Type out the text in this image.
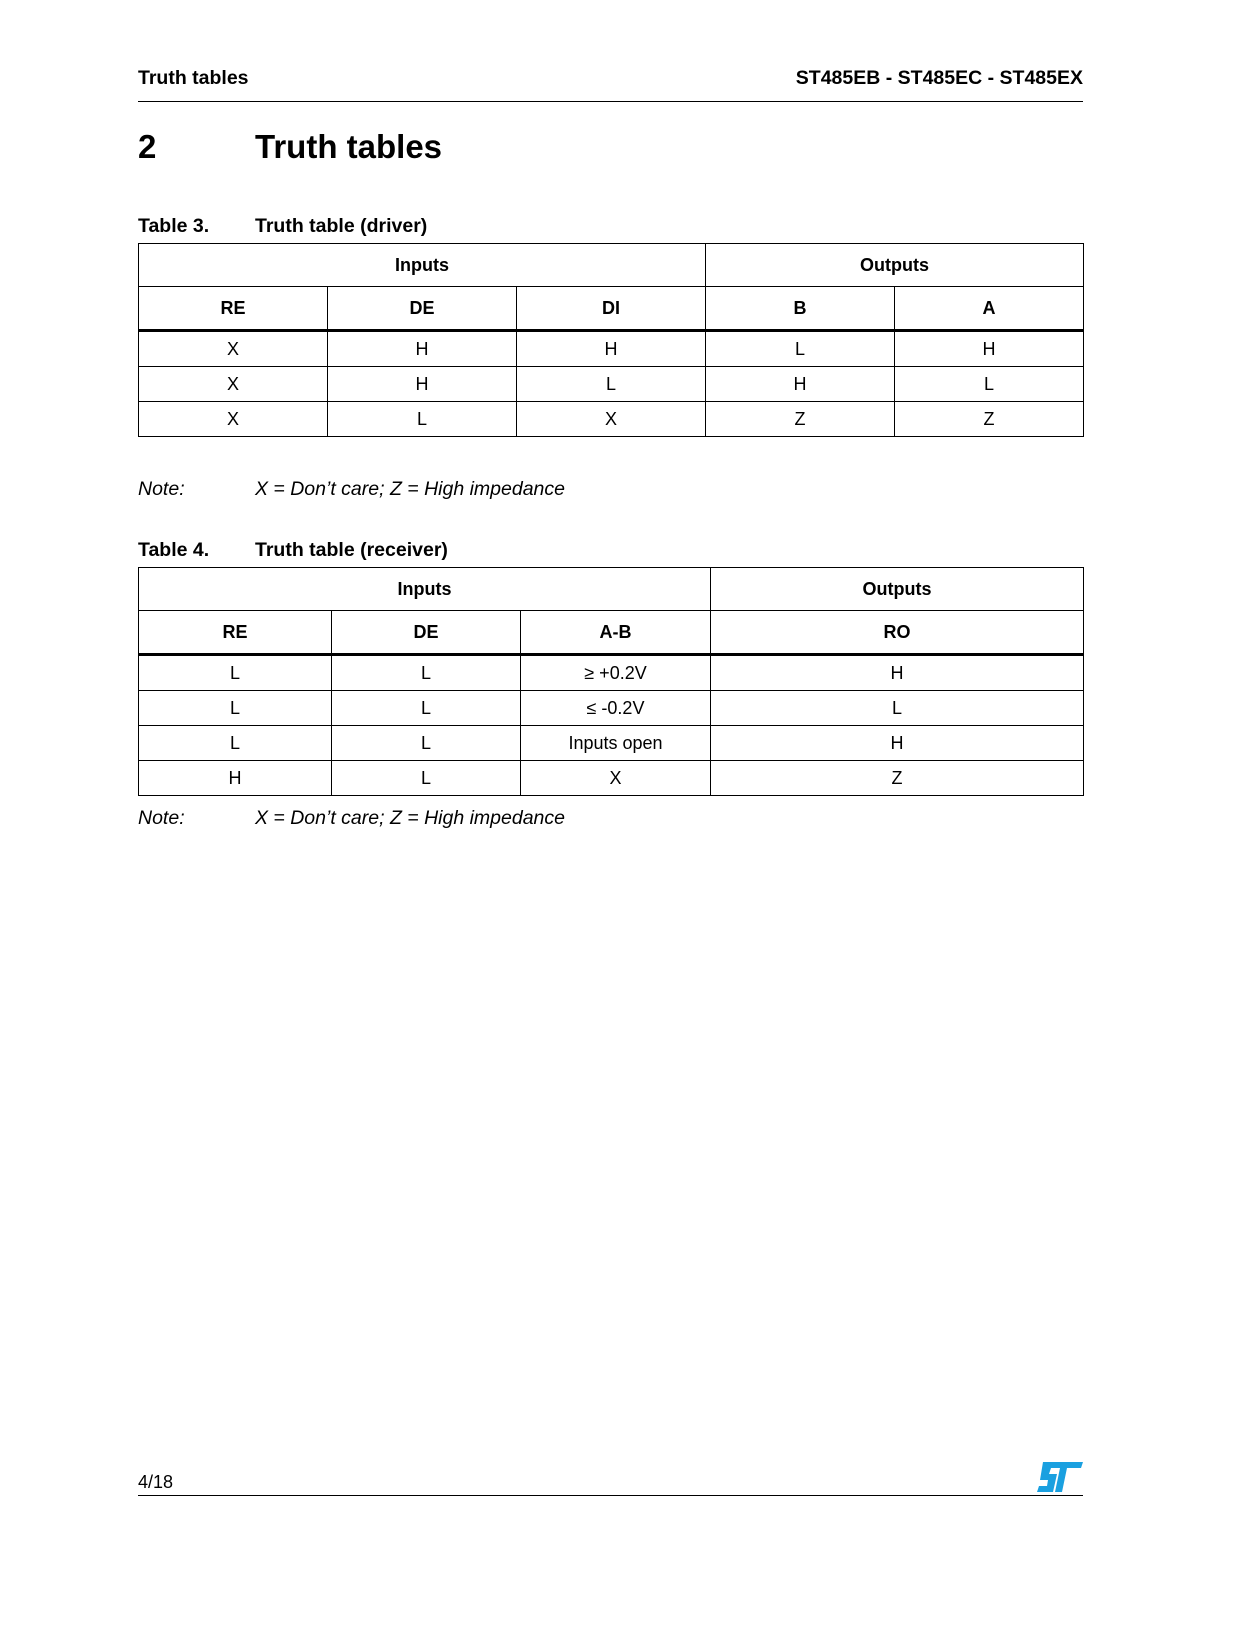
Truth tables	ST485EB - ST485EC - ST485EX
2	Truth tables
Table 3. Truth table (driver)
Inputs			Outputs	
RE	DE	DI	B	A
X	H	H	L	H
X	H	L	H	L
X	L	X	Z	Z
Note:	X = Don’t care; Z = High impedance
Table 4. Truth table (receiver)
Inputs			Outputs
RE	DE	A-B	RO
L	L	≥ +0.2V	H
L	L	≤ -0.2V	L
L	L	Inputs open	H
H	L	X	Z
Note:	X = Don’t care; Z = High impedance
4/18
